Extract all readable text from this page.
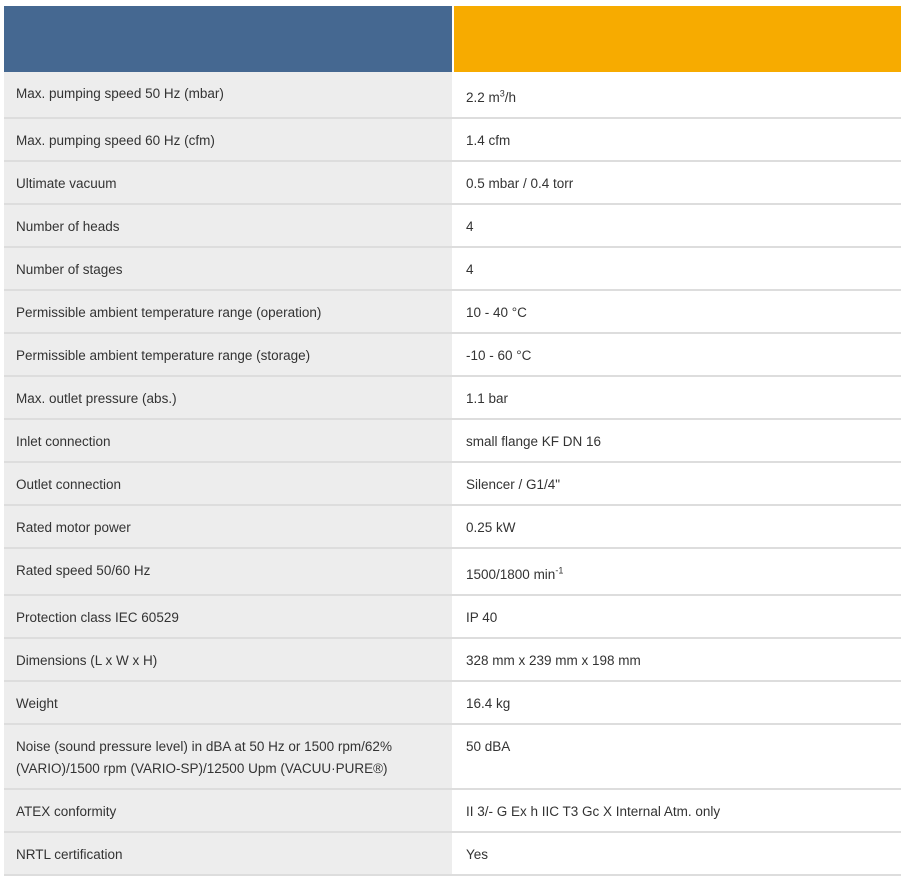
Max. pumping speed 50 Hz (mbar)	2.2 $m^3/h$
Max. pumping speed 60 Hz (cfm)	1.4 cfm
Ultimate vacuum	0.5 mbar / 0.4 torr
Number of heads	4
Number of stages	4
Permissible ambient temperature range (operation)	10 - 40 °C
Permissible ambient temperature range (storage)	-10 - 60 °C
Max. outlet pressure (abs.)	1.1 bar
Inlet connection	small flange KF DN 16
Outlet connection	Silencer / G1/4"
Rated motor power	0.25 kW
Rated speed 50/60 Hz	1500/1800 $\min^{-1}$
Protection class IEC 60529	IP 40
Dimensions (L x W x H)	328 mm x 239 mm x 198 mm
Weight	16.4 kg
Noise (sound pressure level) in dBA at 50 Hz or 1500 rpm/62% (VARIO)/1500 rpm (VARIO-SP)/12500 Upm (VACUU·PURE®)	50 dBA
ATEX conformity	II 3/- G Ex h IIC T3 Gc X Internal Atm. only
NRTL certification	Yes
